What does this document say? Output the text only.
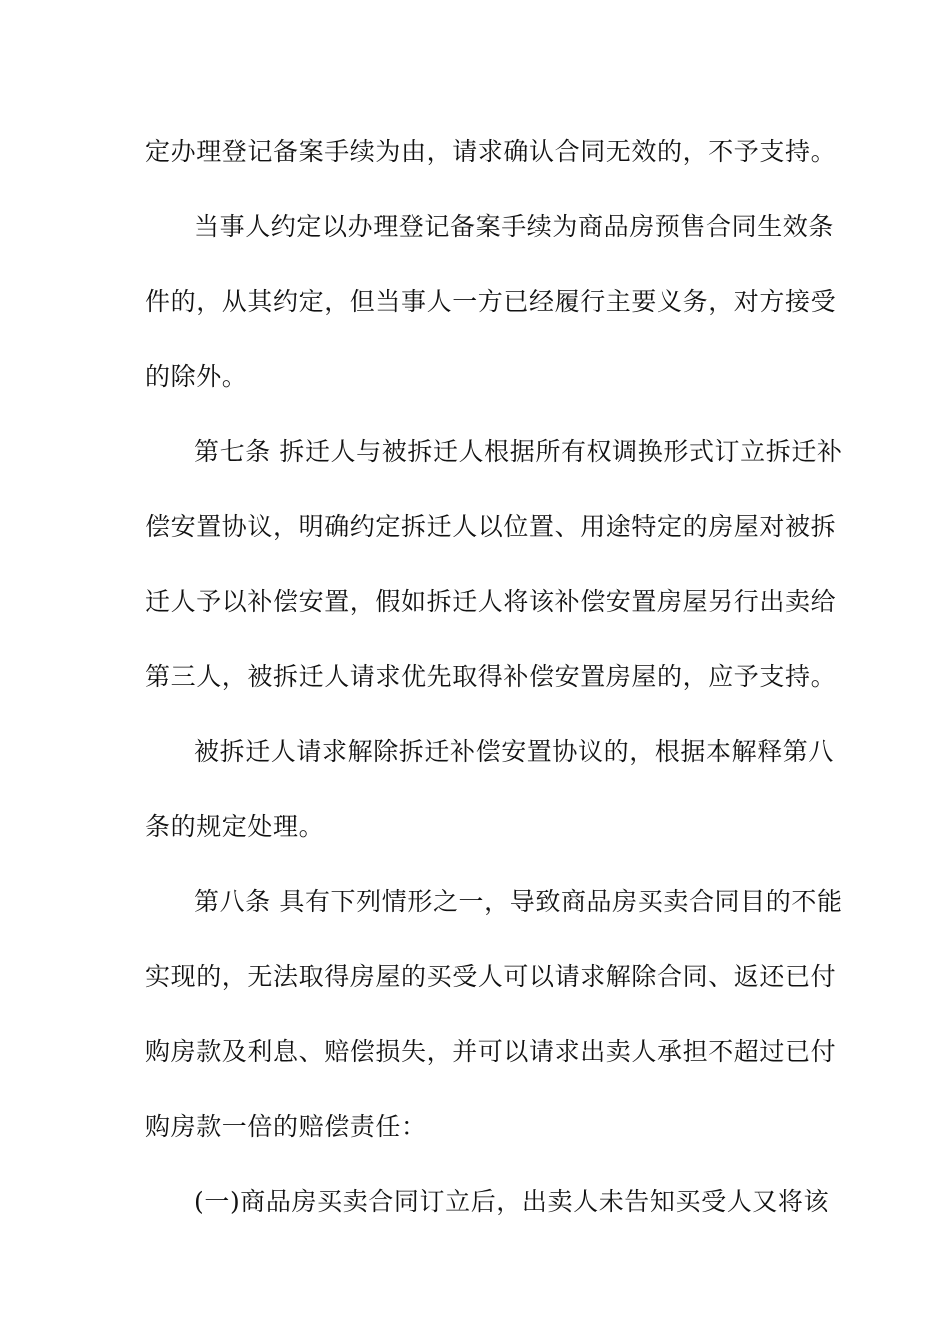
定办理登记备案手续为由，请求确认合同无效的，不予支持。
当事人约定以办理登记备案手续为商品房预售合同生效条
件的，从其约定，但当事人一方已经履行主要义务，对方接受
的除外。
第七条 拆迁人与被拆迁人根据所有权调换形式订立拆迁补
偿安置协议，明确约定拆迁人以位置、用途特定的房屋对被拆
迁人予以补偿安置，假如拆迁人将该补偿安置房屋另行出卖给
第三人，被拆迁人请求优先取得补偿安置房屋的，应予支持。
被拆迁人请求解除拆迁补偿安置协议的，根据本解释第八
条的规定处理。
第八条 具有下列情形之一，导致商品房买卖合同目的不能
实现的，无法取得房屋的买受人可以请求解除合同、返还已付
购房款及利息、赔偿损失，并可以请求出卖人承担不超过已付
购房款一倍的赔偿责任：
(一)商品房买卖合同订立后，出卖人未告知买受人又将该
